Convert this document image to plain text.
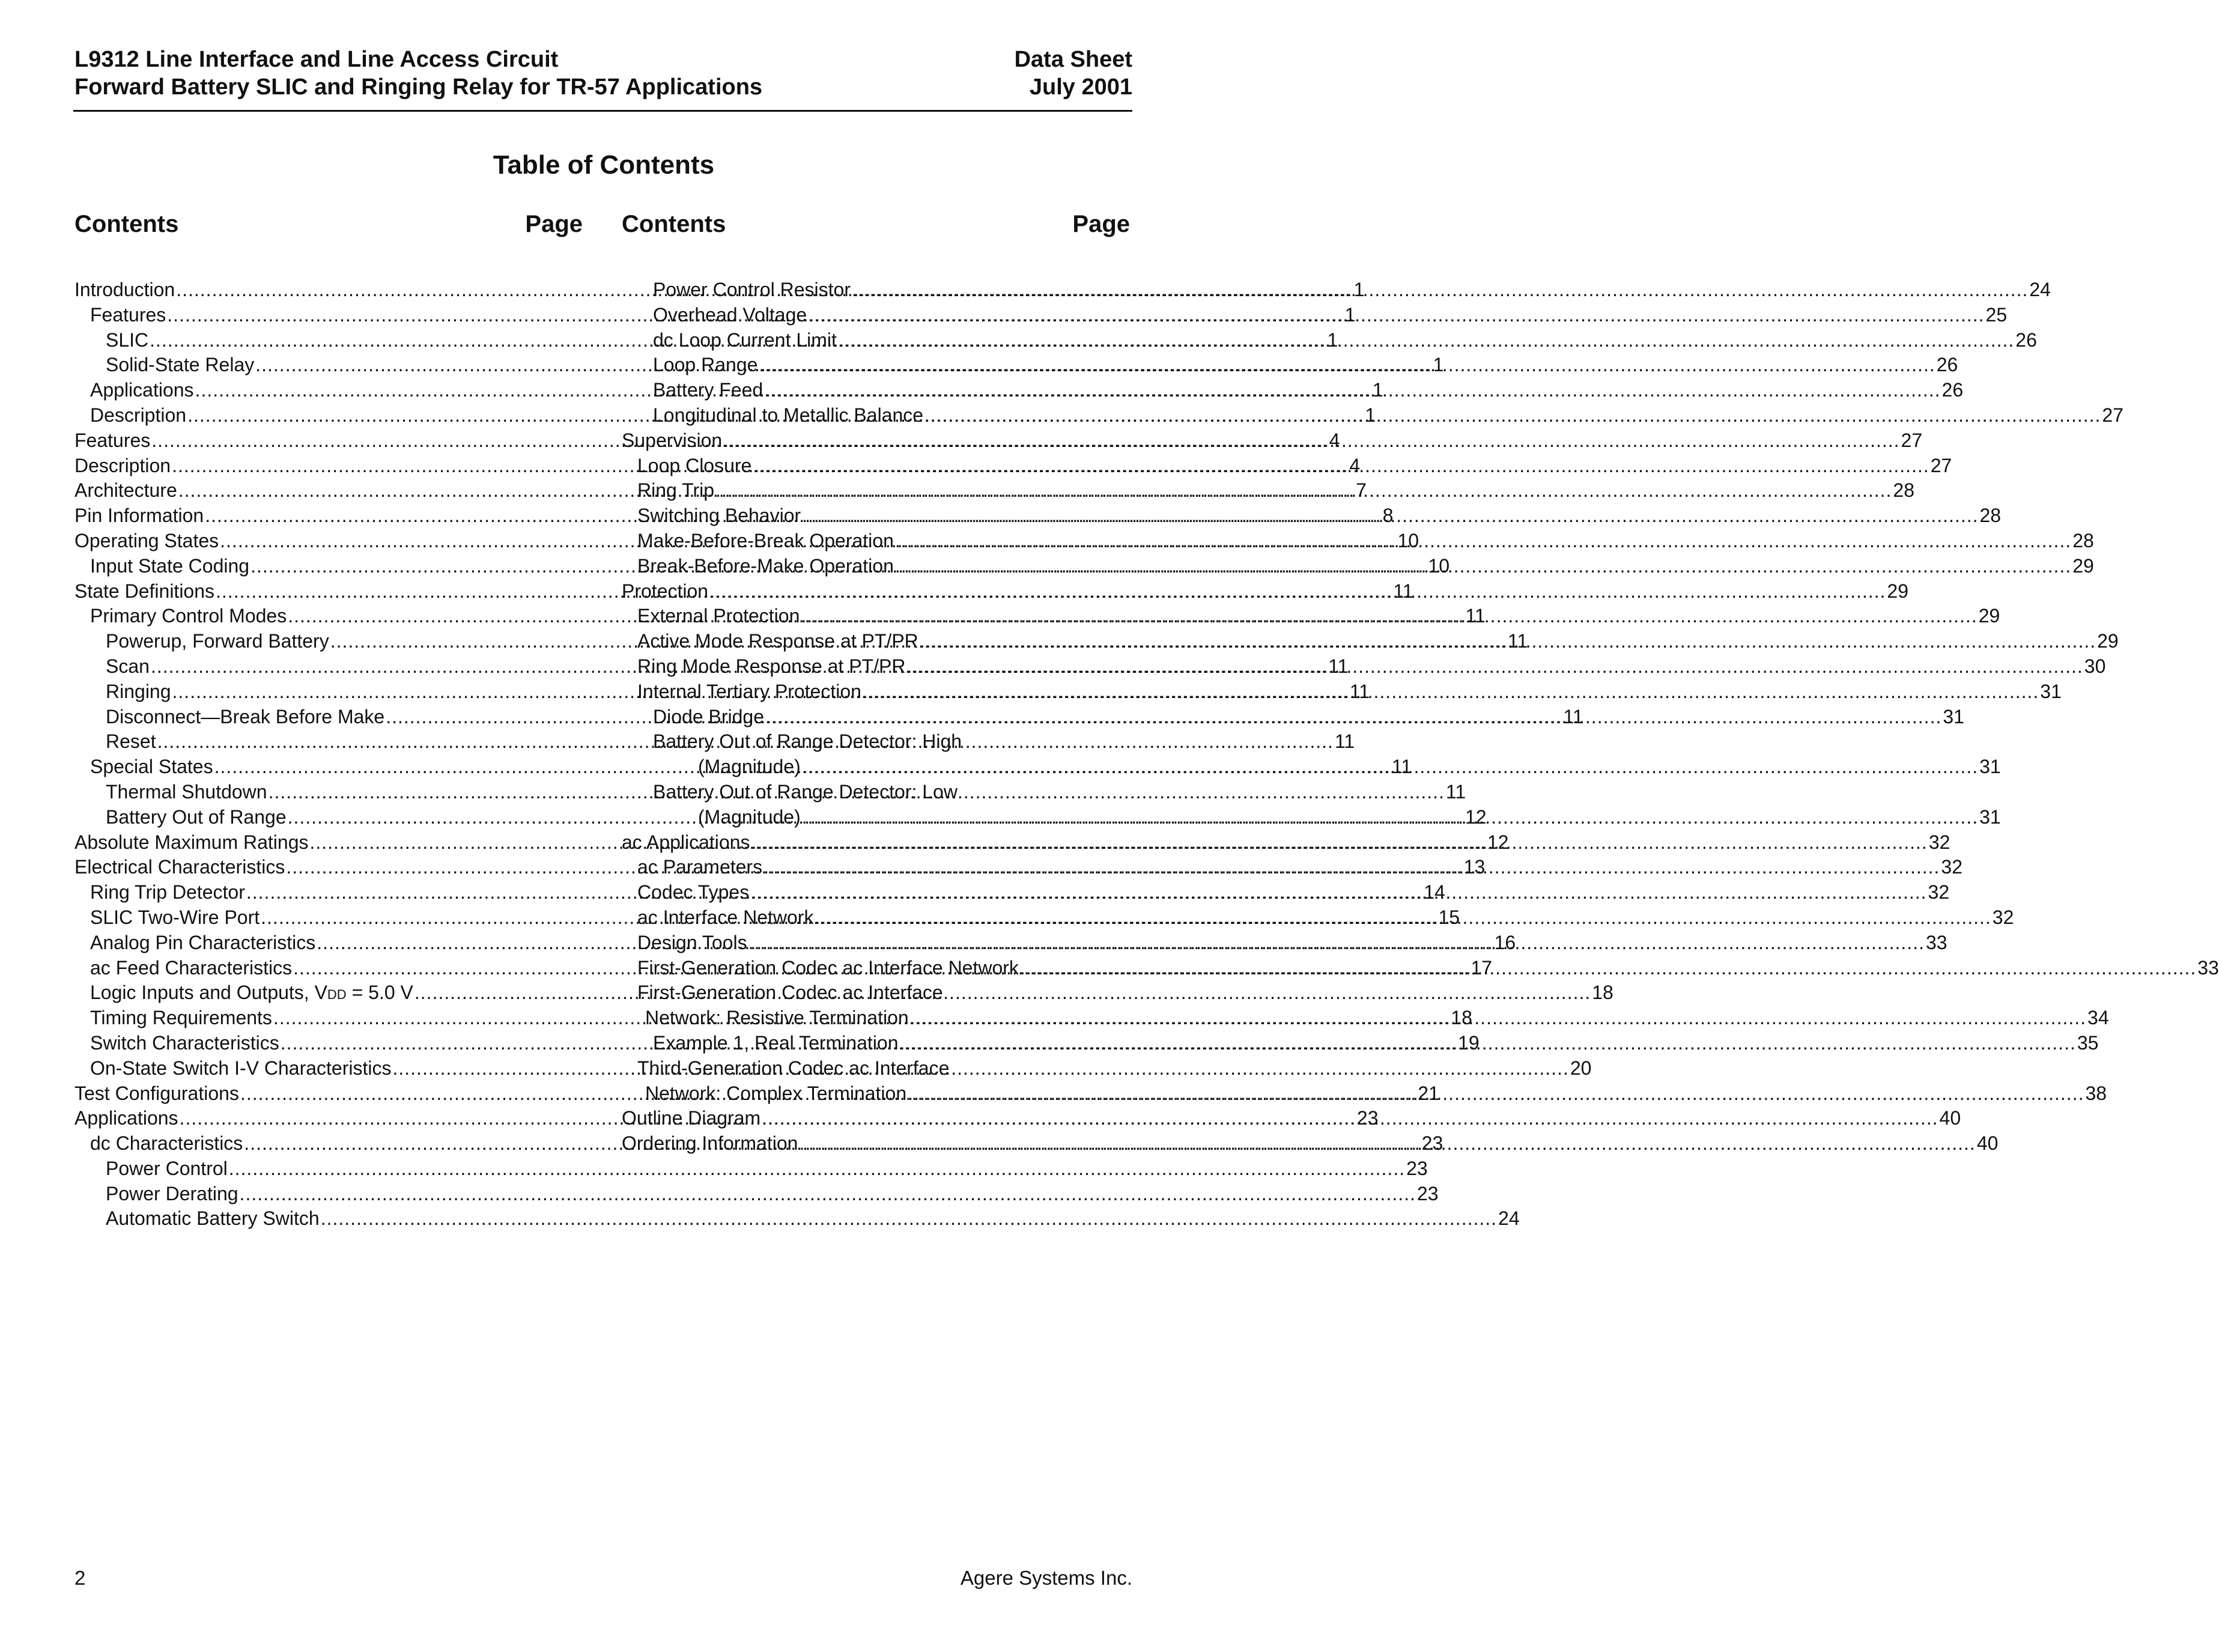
L9312 Line Interface and Line Access Circuit
Forward Battery SLIC and Ringing Relay for TR-57 Applications
Data Sheet
July 2001
Table of Contents
Contents	Page
Introduction .....	1
Features .....	1
SLIC .....	1
Solid-State Relay .....	1
Applications .....	1
Description .....	1
Features .....	4
Description .....	4
Architecture .....	7
Pin Information .....	8
Operating States .....	10
Input State Coding .....	10
State Definitions .....	11
Primary Control Modes .....	11
Powerup, Forward Battery .....	11
Scan .....	11
Ringing .....	11
Disconnect—Break Before Make .....	11
Reset .....	11
Special States .....	11
Thermal Shutdown .....	11
Battery Out of Range .....	12
Absolute Maximum Ratings .....	12
Electrical Characteristics .....	13
Ring Trip Detector .....	14
SLIC Two-Wire Port .....	15
Analog Pin Characteristics .....	16
ac Feed Characteristics .....	17
Logic Inputs and Outputs, VDD = 5.0 V .....	18
Timing Requirements .....	18
Switch Characteristics .....	19
On-State Switch I-V Characteristics .....	20
Test Configurations .....	21
Applications .....	23
dc Characteristics .....	23
Power Control .....	23
Power Derating .....	23
Automatic Battery Switch .....	24
Contents	Page
Power Control Resistor .....	24
Overhead Voltage .....	25
dc Loop Current Limit .....	26
Loop Range .....	26
Battery Feed .....	26
Longitudinal to Metallic Balance .....	27
Supervision .....	27
Loop Closure .....	27
Ring Trip .....	28
Switching Behavior .....	28
Make-Before-Break Operation .....	28
Break-Before-Make Operation .....	29
Protection .....	29
External Protection .....	29
Active Mode Response at PT/PR .....	29
Ring Mode Response at PT/PR .....	30
Internal Tertiary Protection .....	31
Diode Bridge .....	31
Battery Out of Range Detector: High
(Magnitude) .....	31
Battery Out of Range Detector: Low
(Magnitude) .....	31
ac Applications .....	32
ac Parameters .....	32
Codec Types .....	32
ac Interface Network .....	32
Design Tools .....	33
First-Generation Codec ac Interface Network .....	33
First-Generation Codec ac Interface
Network: Resistive Termination .....	34
Example 1, Real Termination .....	35
Third-Generation Codec ac Interface
Network: Complex Termination .....	38
Outline Diagram .....	40
Ordering Information .....	40
2	Agere Systems Inc.
